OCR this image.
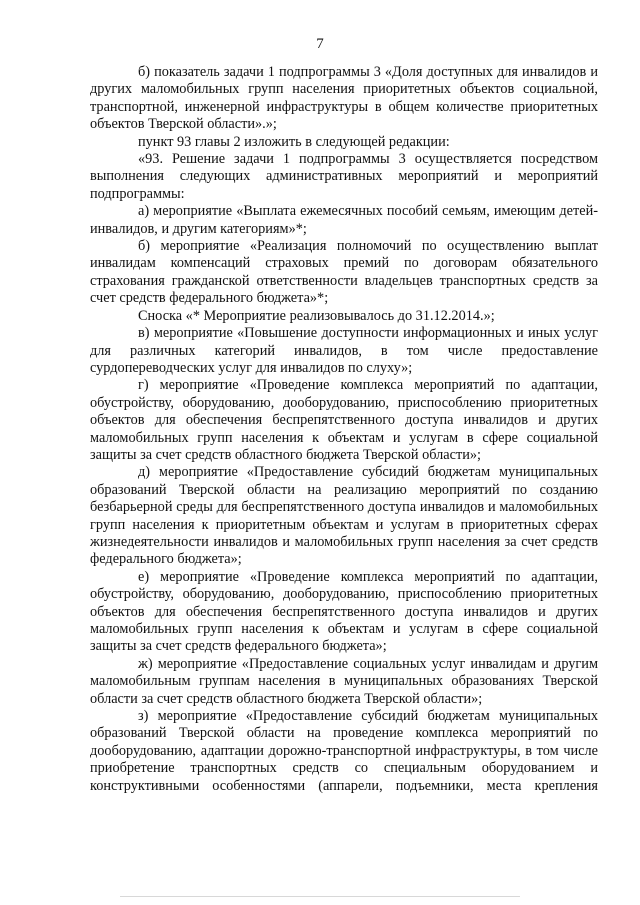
7

б) показатель задачи 1 подпрограммы 3 «Доля доступных для инвалидов и других маломобильных групп населения приоритетных объектов социальной, транспортной, инженерной инфраструктуры в общем количестве приоритетных объектов Тверской области».»;

пункт 93 главы 2 изложить в следующей редакции:

«93. Решение задачи 1 подпрограммы 3 осуществляется посредством выполнения следующих административных мероприятий и мероприятий подпрограммы:

а) мероприятие «Выплата ежемесячных пособий семьям, имеющим детей-инвалидов, и другим категориям»*;

б) мероприятие «Реализация полномочий по осуществлению выплат инвалидам компенсаций страховых премий по договорам обязательного страхования гражданской ответственности владельцев транспортных средств за счет средств федерального бюджета»*;

Сноска «* Мероприятие реализовывалось до 31.12.2014.»;

в) мероприятие «Повышение доступности информационных и иных услуг для различных категорий инвалидов, в том числе предоставление сурдопереводческих услуг для инвалидов по слуху»;

г) мероприятие «Проведение комплекса мероприятий по адаптации, обустройству, оборудованию, дооборудованию, приспособлению приоритетных объектов для обеспечения беспрепятственного доступа инвалидов и других маломобильных групп населения к объектам и услугам в сфере социальной защиты за счет средств областного бюджета Тверской области»;

д) мероприятие «Предоставление субсидий бюджетам муниципальных образований Тверской области на реализацию мероприятий по созданию безбарьерной среды для беспрепятственного доступа инвалидов и маломобильных групп населения к приоритетным объектам и услугам в приоритетных сферах жизнедеятельности инвалидов и маломобильных групп населения за счет средств федерального бюджета»;

е) мероприятие «Проведение комплекса мероприятий по адаптации, обустройству, оборудованию, дооборудованию, приспособлению приоритетных объектов для обеспечения беспрепятственного доступа инвалидов и других маломобильных групп населения к объектам и услугам в сфере социальной защиты за счет средств федерального бюджета»;

ж) мероприятие «Предоставление социальных услуг инвалидам и другим маломобильным группам населения в муниципальных образованиях Тверской области за счет средств областного бюджета Тверской области»;

з) мероприятие «Предоставление субсидий бюджетам муниципальных образований Тверской области на проведение комплекса мероприятий по дооборудованию, адаптации дорожно-транспортной инфраструктуры, в том числе приобретение транспортных средств со специальным оборудованием и конструктивными особенностями (аппарели, подъемники, места крепления
